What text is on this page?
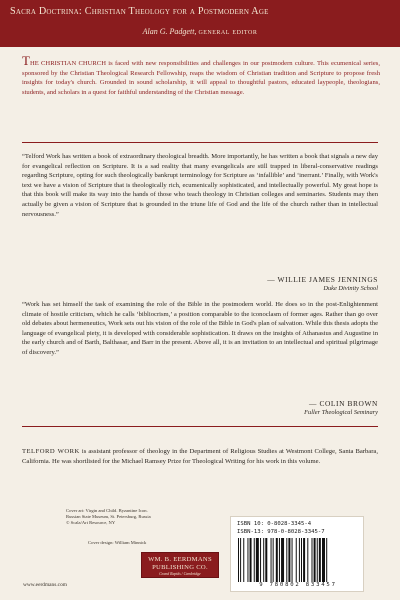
Sacra Doctrina: Christian Theology for a Postmodern Age
Alan G. Padgett, general editor
THE CHRISTIAN CHURCH is faced with new responsibilities and challenges in our postmodern culture. This ecumenical series, sponsored by the Christian Theological Research Fellowship, reaps the wisdom of Christian tradition and Scripture to propose fresh insights for today's church. Grounded in sound scholarship, it will appeal to thoughtful pastors, educated laypeople, theologians, students, and scholars in a quest for faithful understanding of the Christian message.
“Telford Work has written a book of extraordinary theological breadth. More importantly, he has written a book that signals a new day for evangelical reflection on Scripture. It is a sad reality that many evangelicals are still trapped in liberal-conservative readings regarding Scripture, opting for such theologically bankrupt terminology for Scripture as ‘infallible’ and ‘inerrant.’ Finally, with Work's text we have a vision of Scripture that is theologically rich, ecumenically sophisticated, and intellectually powerful. My great hope is that this book will make its way into the hands of those who teach theology in Christian colleges and seminaries. Students may then actually be given a vision of Scripture that is grounded in the triune life of God and the life of the church rather than in intellectual nervousness.”
— WILLIE JAMES JENNINGS
Duke Divinity School
“Work has set himself the task of examining the role of the Bible in the postmodern world. He does so in the post-Enlightenment climate of hostile criticism, which he calls ‘bibliocrism,’ a position comparable to the iconoclasm of former ages. Rather than go over old debates about hermeneutics, Work sets out his vision of the role of the Bible in God's plan of salvation. While this thesis adopts the language of evangelical piety, it is developed with considerable sophistication. It draws on the insights of Athanasius and Augustine in the early church and of Barth, Balthasar, and Barr in the present. Above all, it is an invitation to an intellectual and spiritual pilgrimage of discovery.”
— COLIN BROWN
Fuller Theological Seminary
TELFORD WORK is assistant professor of theology in the Department of Religious Studies at Westmont College, Santa Barbara, California. He was shortlisted for the Michael Ramsey Prize for Theological Writing for his work in this volume.
Cover art: Virgin and Child. Byzantine Icon.
Russian State Museum, St. Petersburg, Russia
© Scala/Art Resource, NY
Cover design: William Minnick
WM. B. EERDMANS
PUBLISHING CO.
Grand Rapids / Cambridge
www.eerdmans.com
ISBN 10: 0-8028-3345-4
ISBN-13: 978-0-8028-3345-7
9 780802 833457
